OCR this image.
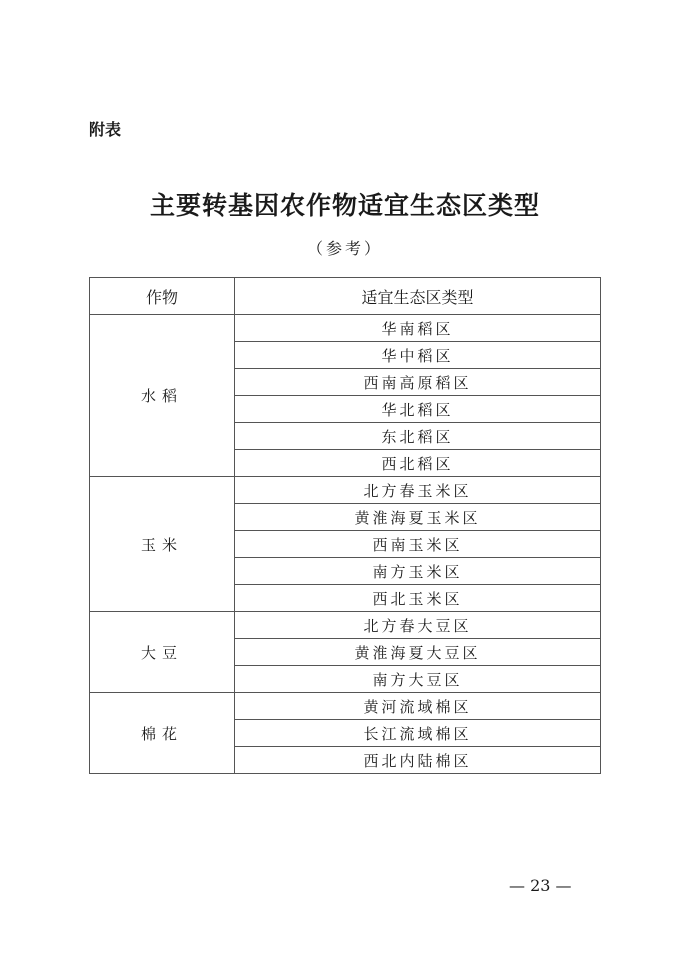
附表
主要转基因农作物适宜生态区类型
（参考）
作物	适宜生态区类型
水稻	华南稻区
	华中稻区
	西南高原稻区
	华北稻区
	东北稻区
	西北稻区
玉米	北方春玉米区
	黄淮海夏玉米区
	西南玉米区
	南方玉米区
	西北玉米区
大豆	北方春大豆区
	黄淮海夏大豆区
	南方大豆区
棉花	黄河流域棉区
	长江流域棉区
	西北内陆棉区
— 23 —
